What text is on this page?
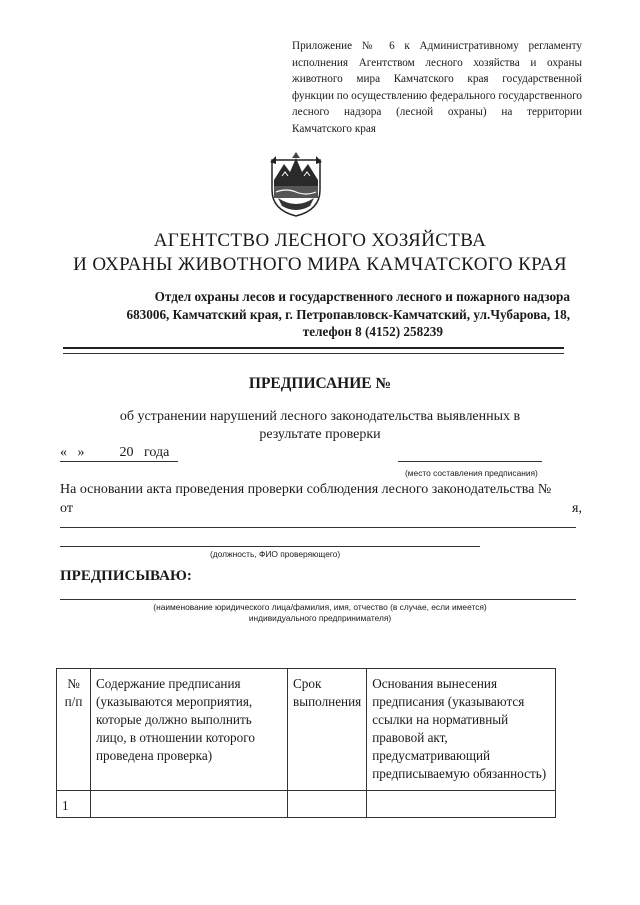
Приложение № 6 к Административному регламенту исполнения Агентством лесного хозяйства и охраны животного мира Камчатского края государственной функции по осуществлению федерального государственного лесного надзора (лесной охраны) на территории Камчатского края
АГЕНТСТВО ЛЕСНОГО ХОЗЯЙСТВА
И ОХРАНЫ ЖИВОТНОГО МИРА КАМЧАТСКОГО КРАЯ
Отдел охраны лесов и государственного лесного и пожарного надзора
683006, Камчатский края, г. Петропавловск-Камчатский, ул.Чубарова, 18,
телефон 8 (4152) 258239
ПРЕДПИСАНИЕ №
об устранении нарушений лесного законодательства выявленных в результате проверки
«   »          20   года
(место составления предписания)
На основании акта проведения проверки соблюдения лесного законодательства №
от	я,
(должность, ФИО проверяющего)
ПРЕДПИСЫВАЮ:
(наименование юридического лица/фамилия, имя, отчество (в случае, если имеется) индивидуального предпринимателя)
№ п/п	Содержание предписания (указываются мероприятия, которые должно выполнить лицо, в отношении которого проведена проверка)	Срок выполнения	Основания вынесения предписания (указываются ссылки на нормативный правовой акт, предусматривающий предписываемую обязанность)
1			
